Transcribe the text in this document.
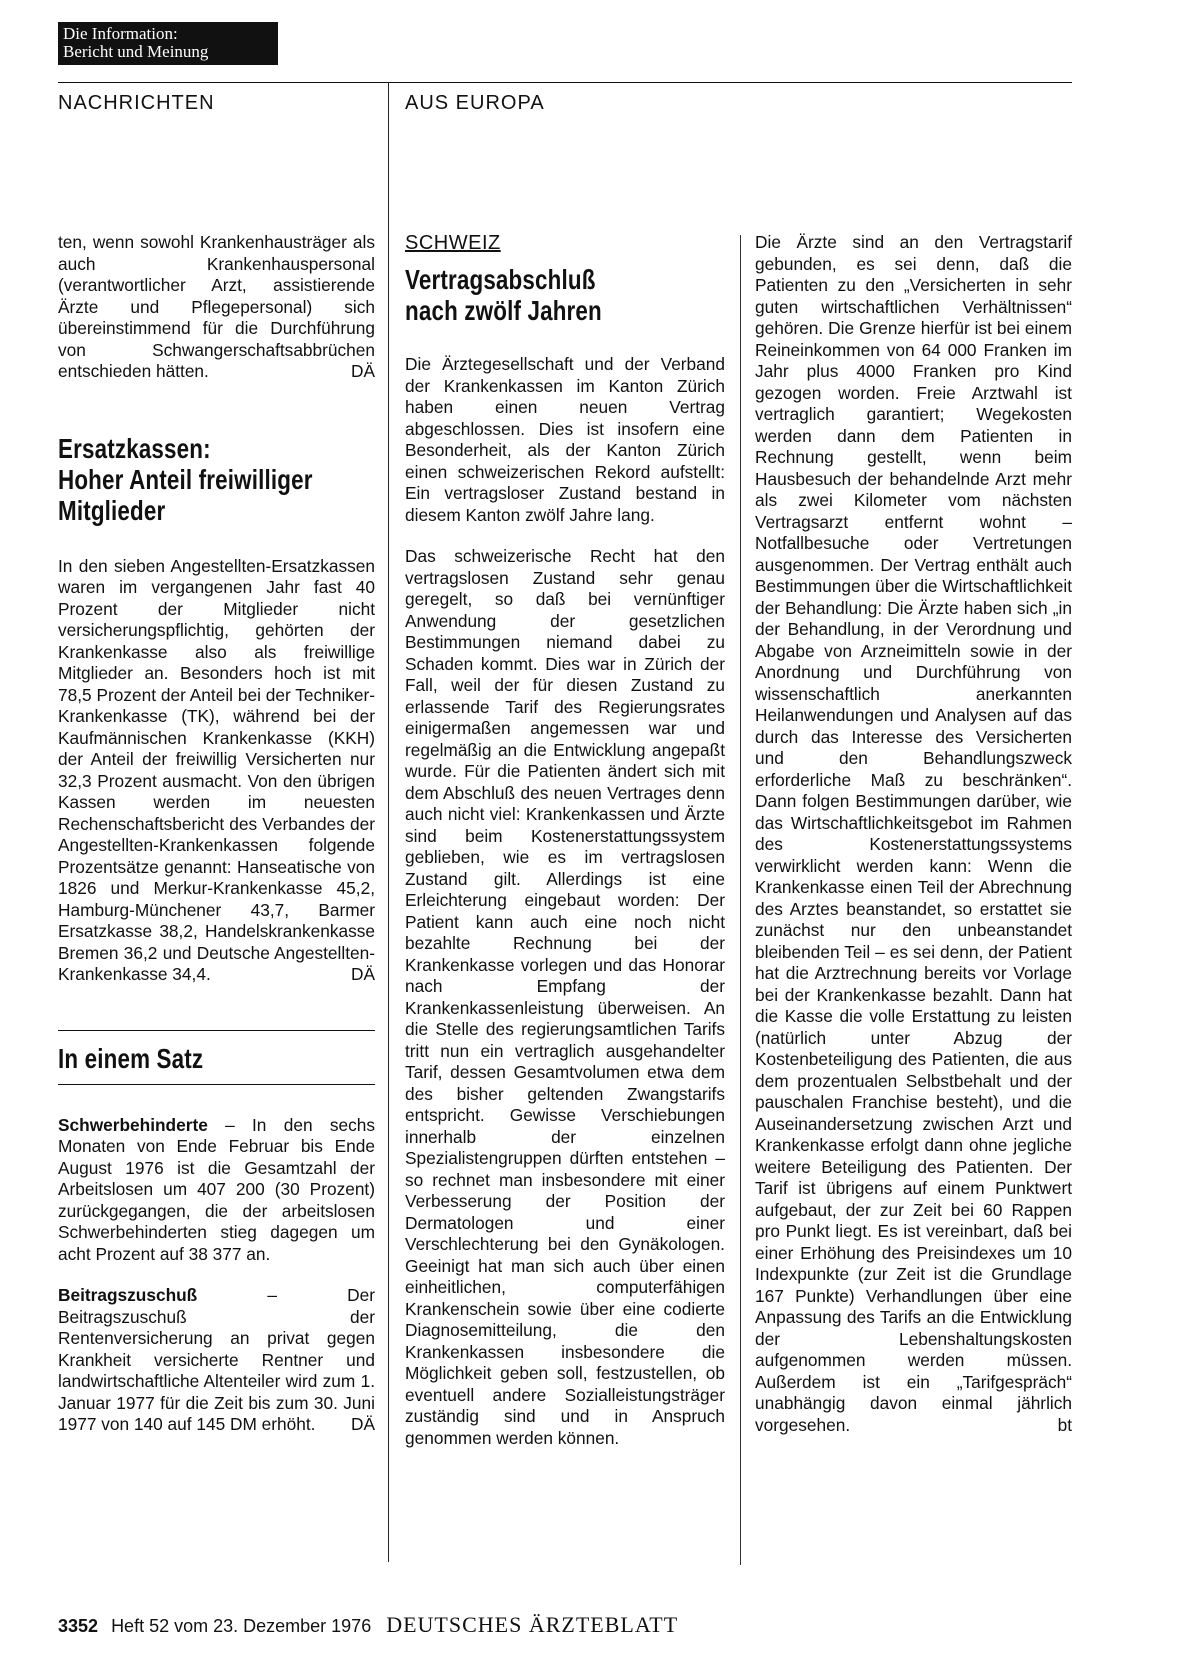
Die Information:
Bericht und Meinung
NACHRICHTEN	AUS EUROPA

ten, wenn sowohl Krankenhausträger als auch Krankenhauspersonal (verantwortlicher Arzt, assistierende Ärzte und Pflegepersonal) sich übereinstimmend für die Durchführung von Schwangerschaftsabbrüchen entschieden hätten.	DÄ

Ersatzkassen:
Hoher Anteil freiwilliger
Mitglieder

In den sieben Angestellten-Ersatzkassen waren im vergangenen Jahr fast 40 Prozent der Mitglieder nicht versicherungspflichtig, gehörten der Krankenkasse also als freiwillige Mitglieder an. Besonders hoch ist mit 78,5 Prozent der Anteil bei der Techniker-Krankenkasse (TK), während bei der Kaufmännischen Krankenkasse (KKH) der Anteil der freiwillig Versicherten nur 32,3 Prozent ausmacht. Von den übrigen Kassen werden im neuesten Rechenschaftsbericht des Verbandes der Angestellten-Krankenkassen folgende Prozentsätze genannt: Hanseatische von 1826 und Merkur-Krankenkasse 45,2, Hamburg-Münchener 43,7, Barmer Ersatzkasse 38,2, Handelskrankenkasse Bremen 36,2 und Deutsche Angestellten-Krankenkasse 34,4.	DÄ

In einem Satz

Schwerbehinderte – In den sechs Monaten von Ende Februar bis Ende August 1976 ist die Gesamtzahl der Arbeitslosen um 407 200 (30 Prozent) zurückgegangen, die der arbeitslosen Schwerbehinderten stieg dagegen um acht Prozent auf 38 377 an.

Beitragszuschuß – Der Beitragszuschuß der Rentenversicherung an privat gegen Krankheit versicherte Rentner und landwirtschaftliche Altenteiler wird zum 1. Januar 1977 für die Zeit bis zum 30. Juni 1977 von 140 auf 145 DM erhöht. DÄ

SCHWEIZ
Vertragsabschluß
nach zwölf Jahren

Die Ärztegesellschaft und der Verband der Krankenkassen im Kanton Zürich haben einen neuen Vertrag abgeschlossen. Dies ist insofern eine Besonderheit, als der Kanton Zürich einen schweizerischen Rekord aufstellt: Ein vertragsloser Zustand bestand in diesem Kanton zwölf Jahre lang.

Das schweizerische Recht hat den vertragslosen Zustand sehr genau geregelt, so daß bei vernünftiger Anwendung der gesetzlichen Bestimmungen niemand dabei zu Schaden kommt. Dies war in Zürich der Fall, weil der für diesen Zustand zu erlassende Tarif des Regierungsrates einigermaßen angemessen war und regelmäßig an die Entwicklung angepaßt wurde. Für die Patienten ändert sich mit dem Abschluß des neuen Vertrages denn auch nicht viel: Krankenkassen und Ärzte sind beim Kostenerstattungssystem geblieben, wie es im vertragslosen Zustand gilt. Allerdings ist eine Erleichterung eingebaut worden: Der Patient kann auch eine noch nicht bezahlte Rechnung bei der Krankenkasse vorlegen und das Honorar nach Empfang der Krankenkassenleistung überweisen. An die Stelle des regierungsamtlichen Tarifs tritt nun ein vertraglich ausgehandelter Tarif, dessen Gesamtvolumen etwa dem des bisher geltenden Zwangstarifs entspricht. Gewisse Verschiebungen innerhalb der einzelnen Spezialistengruppen dürften entstehen – so rechnet man insbesondere mit einer Verbesserung der Position der Dermatologen und einer Verschlechterung bei den Gynäkologen. Geeinigt hat man sich auch über einen einheitlichen, computerfähigen Krankenschein sowie über eine codierte Diagnosemitteilung, die den Krankenkassen insbesondere die Möglichkeit geben soll, festzustellen, ob eventuell andere Sozialleistungsträger zuständig sind und in Anspruch genommen werden können.

Die Ärzte sind an den Vertragstarif gebunden, es sei denn, daß die Patienten zu den „Versicherten in sehr guten wirtschaftlichen Verhältnissen“ gehören. Die Grenze hierfür ist bei einem Reineinkommen von 64 000 Franken im Jahr plus 4000 Franken pro Kind gezogen worden. Freie Arztwahl ist vertraglich garantiert; Wegekosten werden dann dem Patienten in Rechnung gestellt, wenn beim Hausbesuch der behandelnde Arzt mehr als zwei Kilometer vom nächsten Vertragsarzt entfernt wohnt – Notfallbesuche oder Vertretungen ausgenommen. Der Vertrag enthält auch Bestimmungen über die Wirtschaftlichkeit der Behandlung: Die Ärzte haben sich „in der Behandlung, in der Verordnung und Abgabe von Arzneimitteln sowie in der Anordnung und Durchführung von wissenschaftlich anerkannten Heilanwendungen und Analysen auf das durch das Interesse des Versicherten und den Behandlungszweck erforderliche Maß zu beschränken“. Dann folgen Bestimmungen darüber, wie das Wirtschaftlichkeitsgebot im Rahmen des Kostenerstattungssystems verwirklicht werden kann: Wenn die Krankenkasse einen Teil der Abrechnung des Arztes beanstandet, so erstattet sie zunächst nur den unbeanstandet bleibenden Teil – es sei denn, der Patient hat die Arztrechnung bereits vor Vorlage bei der Krankenkasse bezahlt. Dann hat die Kasse die volle Erstattung zu leisten (natürlich unter Abzug der Kostenbeteiligung des Patienten, die aus dem prozentualen Selbstbehalt und der pauschalen Franchise besteht), und die Auseinandersetzung zwischen Arzt und Krankenkasse erfolgt dann ohne jegliche weitere Beteiligung des Patienten. Der Tarif ist übrigens auf einem Punktwert aufgebaut, der zur Zeit bei 60 Rappen pro Punkt liegt. Es ist vereinbart, daß bei einer Erhöhung des Preisindexes um 10 Indexpunkte (zur Zeit ist die Grundlage 167 Punkte) Verhandlungen über eine Anpassung des Tarifs an die Entwicklung der Lebenshaltungskosten aufgenommen werden müssen. Außerdem ist ein „Tarifgespräch“ unabhängig davon einmal jährlich vorgesehen.	bt

3352 Heft 52 vom 23. Dezember 1976 DEUTSCHES ÄRZTEBLATT
